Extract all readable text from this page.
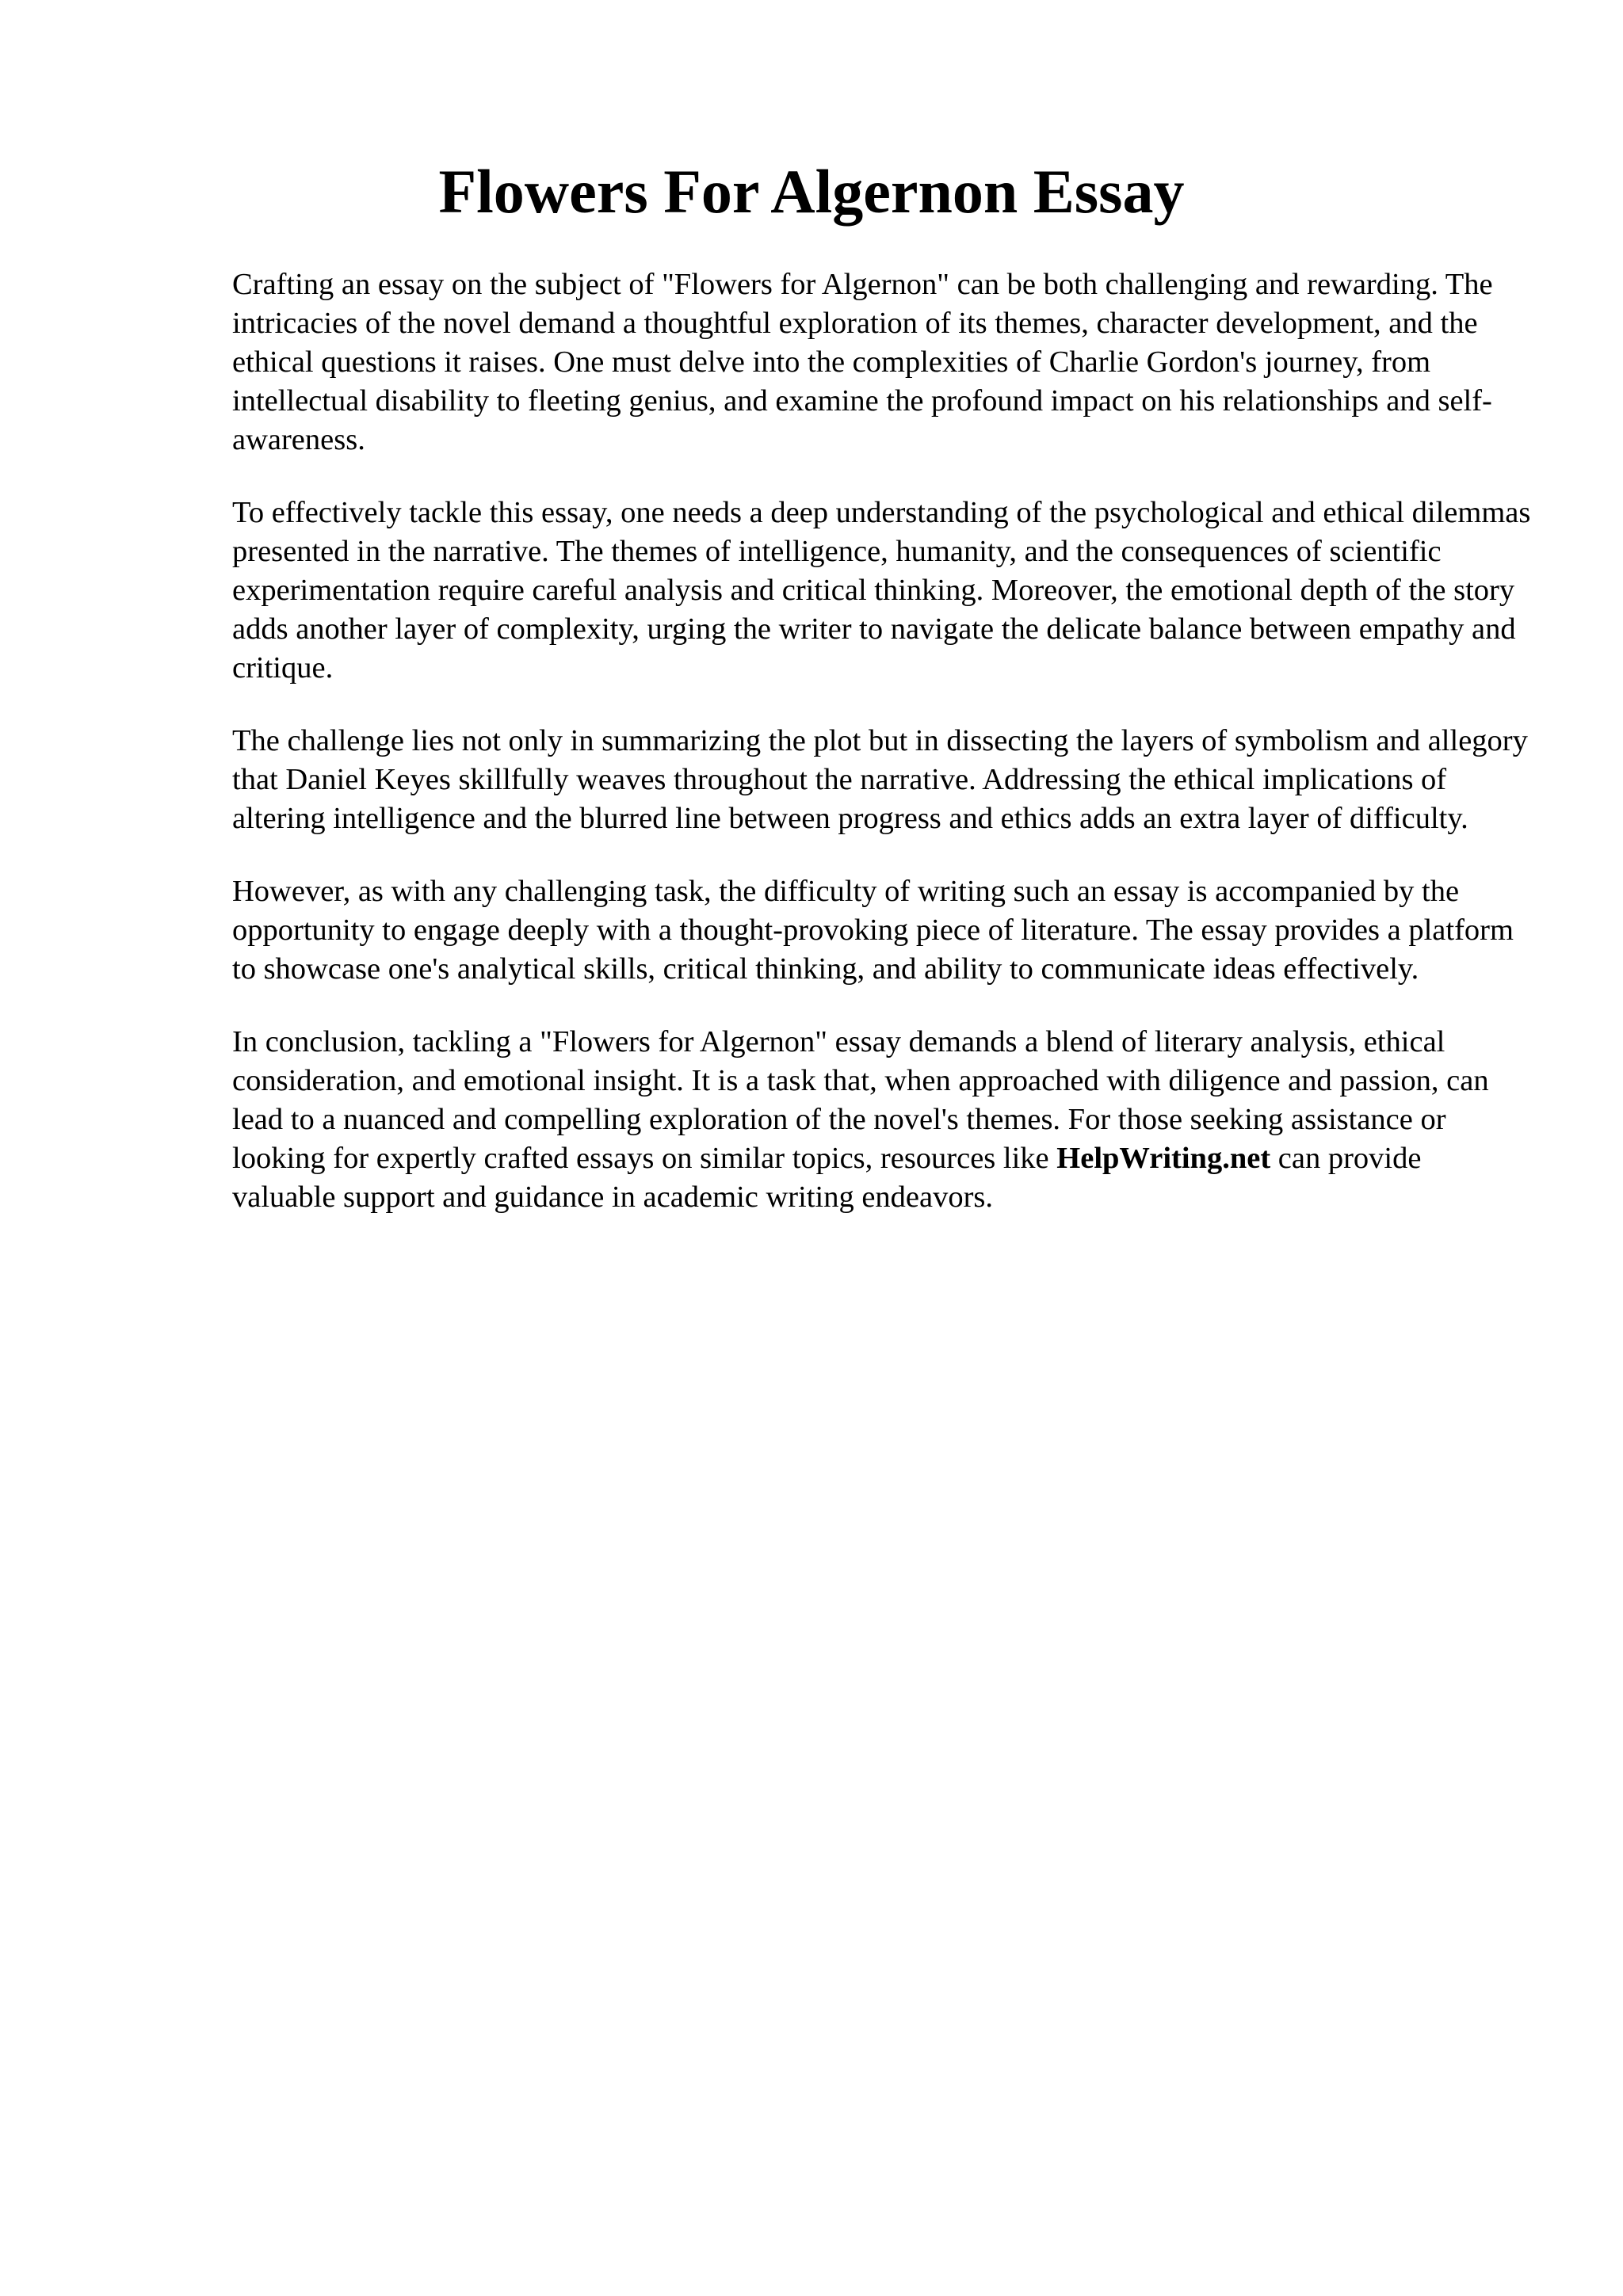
Flowers For Algernon Essay

Crafting an essay on the subject of "Flowers for Algernon" can be both challenging and rewarding. The intricacies of the novel demand a thoughtful exploration of its themes, character development, and the ethical questions it raises. One must delve into the complexities of Charlie Gordon's journey, from intellectual disability to fleeting genius, and examine the profound impact on his relationships and self-awareness.

To effectively tackle this essay, one needs a deep understanding of the psychological and ethical dilemmas presented in the narrative. The themes of intelligence, humanity, and the consequences of scientific experimentation require careful analysis and critical thinking. Moreover, the emotional depth of the story adds another layer of complexity, urging the writer to navigate the delicate balance between empathy and critique.

The challenge lies not only in summarizing the plot but in dissecting the layers of symbolism and allegory that Daniel Keyes skillfully weaves throughout the narrative. Addressing the ethical implications of altering intelligence and the blurred line between progress and ethics adds an extra layer of difficulty.

However, as with any challenging task, the difficulty of writing such an essay is accompanied by the opportunity to engage deeply with a thought-provoking piece of literature. The essay provides a platform to showcase one's analytical skills, critical thinking, and ability to communicate ideas effectively.

In conclusion, tackling a "Flowers for Algernon" essay demands a blend of literary analysis, ethical consideration, and emotional insight. It is a task that, when approached with diligence and passion, can lead to a nuanced and compelling exploration of the novel's themes. For those seeking assistance or looking for expertly crafted essays on similar topics, resources like HelpWriting.net can provide valuable support and guidance in academic writing endeavors.
